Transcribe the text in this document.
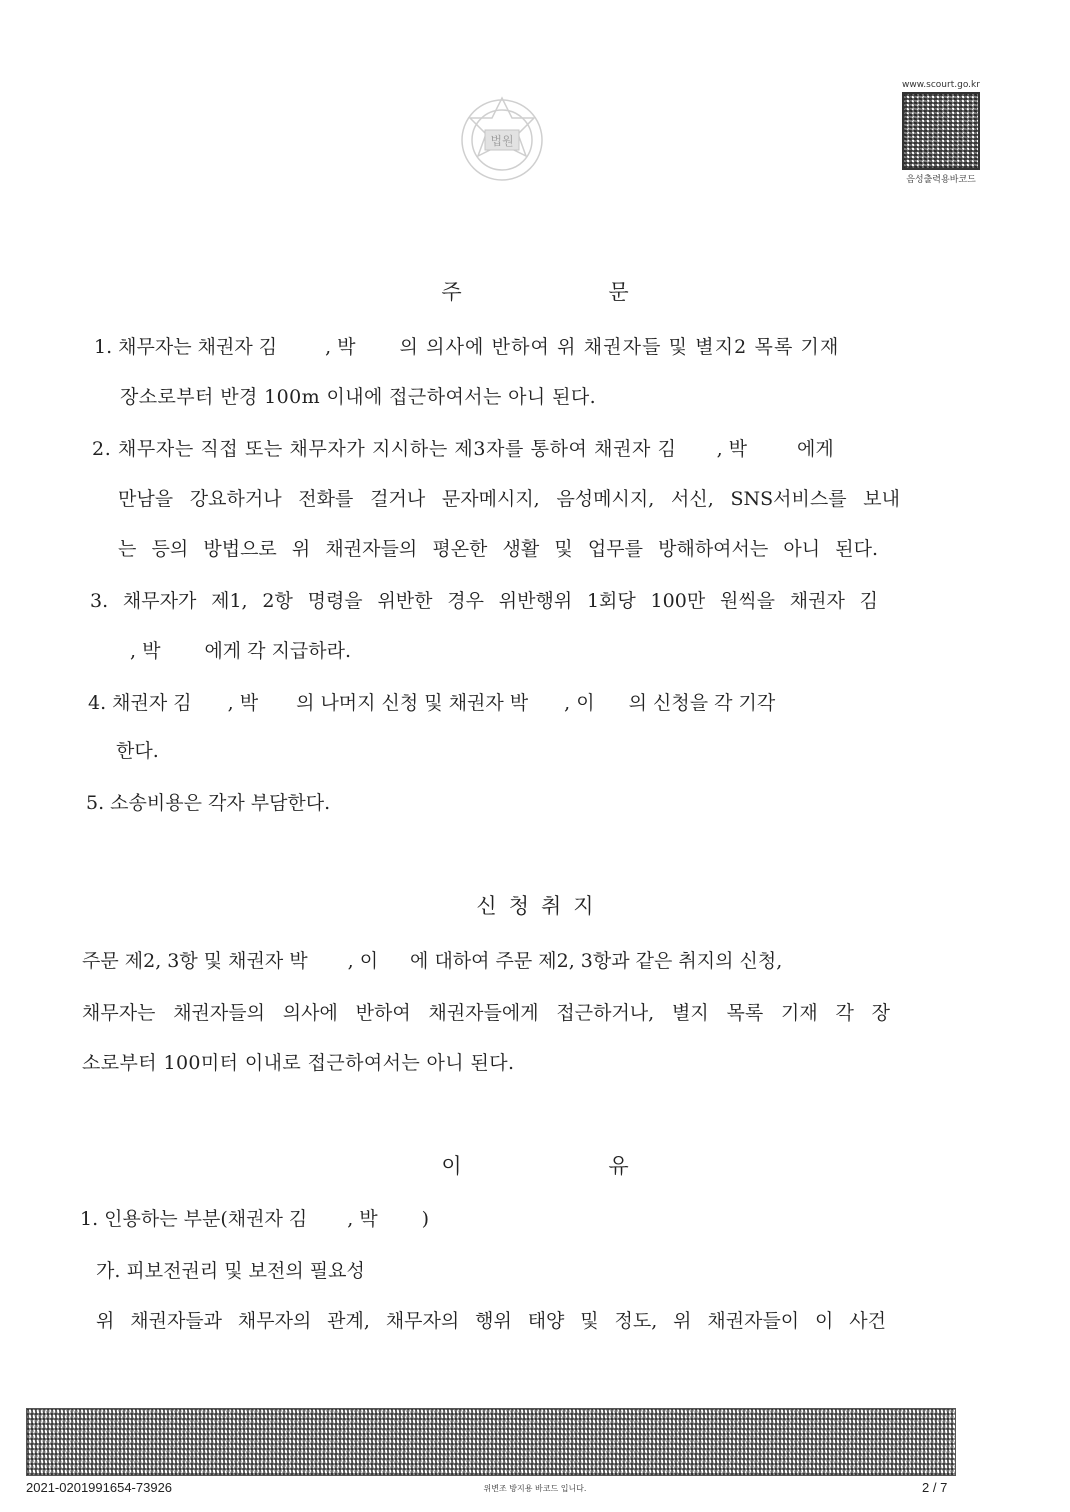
법원
www.scourt.go.kr
음성출력용바코드
주 문
1. 채무자는 채권자 김	, 박 의 의사에 반하여 위 채권자들 및 별지2 목록 기재
장소로부터 반경 100m 이내에 접근하여서는 아니 된다.
2. 채무자는 직접 또는 채무자가 지시하는 제3자를 통하여 채권자 김 , 박	에게
만남을 강요하거나 전화를 걸거나 문자메시지, 음성메시지, 서신, SNS서비스를 보내
는 등의 방법으로 위 채권자들의 평온한 생활 및 업무를 방해하여서는 아니 된다.
3. 채무자가 제1, 2항 명령을 위반한 경우 위반행위 1회당 100만 원씩을 채권자 김
, 박 에게 각 지급하라.
4. 채권자 김 , 박 의 나머지 신청 및 채권자 박 , 이 의 신청을 각 기각
한다.
5. 소송비용은 각자 부담한다.
신청취지
주문 제2, 3항 및 채권자 박 , 이 에 대하여 주문 제2, 3항과 같은 취지의 신청,
채무자는 채권자들의 의사에 반하여 채권자들에게 접근하거나, 별지 목록 기재 각 장
소로부터 100미터 이내로 접근하여서는 아니 된다.
이 유
1. 인용하는 부분(채권자 김 , 박 )
가. 피보전권리 및 보전의 필요성
위 채권자들과 채무자의 관계, 채무자의 행위 태양 및 정도, 위 채권자들이 이 사건
2021-0201991654-73926	위변조 방지용 바코드 입니다.	2 / 7
